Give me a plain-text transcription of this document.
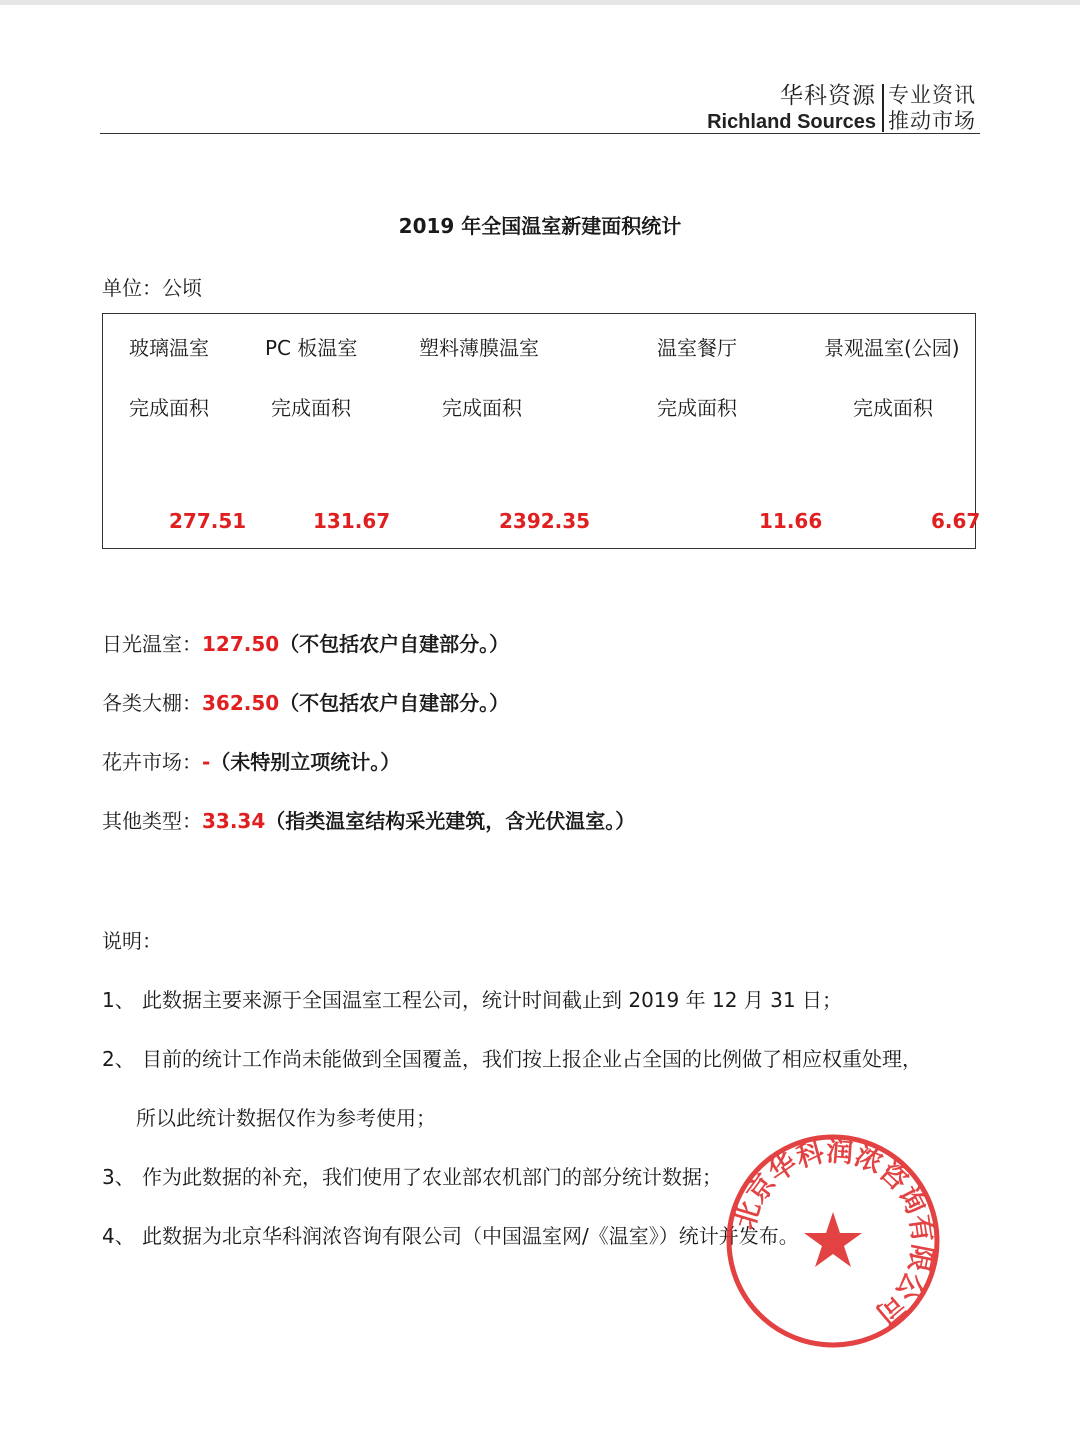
华科资源
Richland Sources
专业资讯
推动市场
2019 年全国温室新建面积统计
单位：公顷
玻璃温室	PC 板温室	塑料薄膜温室	温室餐厅	景观温室(公园)
完成面积	完成面积	完成面积	完成面积	完成面积
277.51	131.67	2392.35	11.66	6.67
日光温室：127.50（不包括农户自建部分。）
各类大棚：362.50（不包括农户自建部分。）
花卉市场：-（未特别立项统计。）
其他类型：33.34（指类温室结构采光建筑，含光伏温室。）
说明：
1、 此数据主要来源于全国温室工程公司，统计时间截止到 2019 年 12 月 31 日；
2、 目前的统计工作尚未能做到全国覆盖，我们按上报企业占全国的比例做了相应权重处理，
所以此统计数据仅作为参考使用；
3、 作为此数据的补充，我们使用了农业部农机部门的部分统计数据；
4、 此数据为北京华科润浓咨询有限公司（中国温室网/《温室》）统计并发布。
北京华科润浓咨询有限公司
